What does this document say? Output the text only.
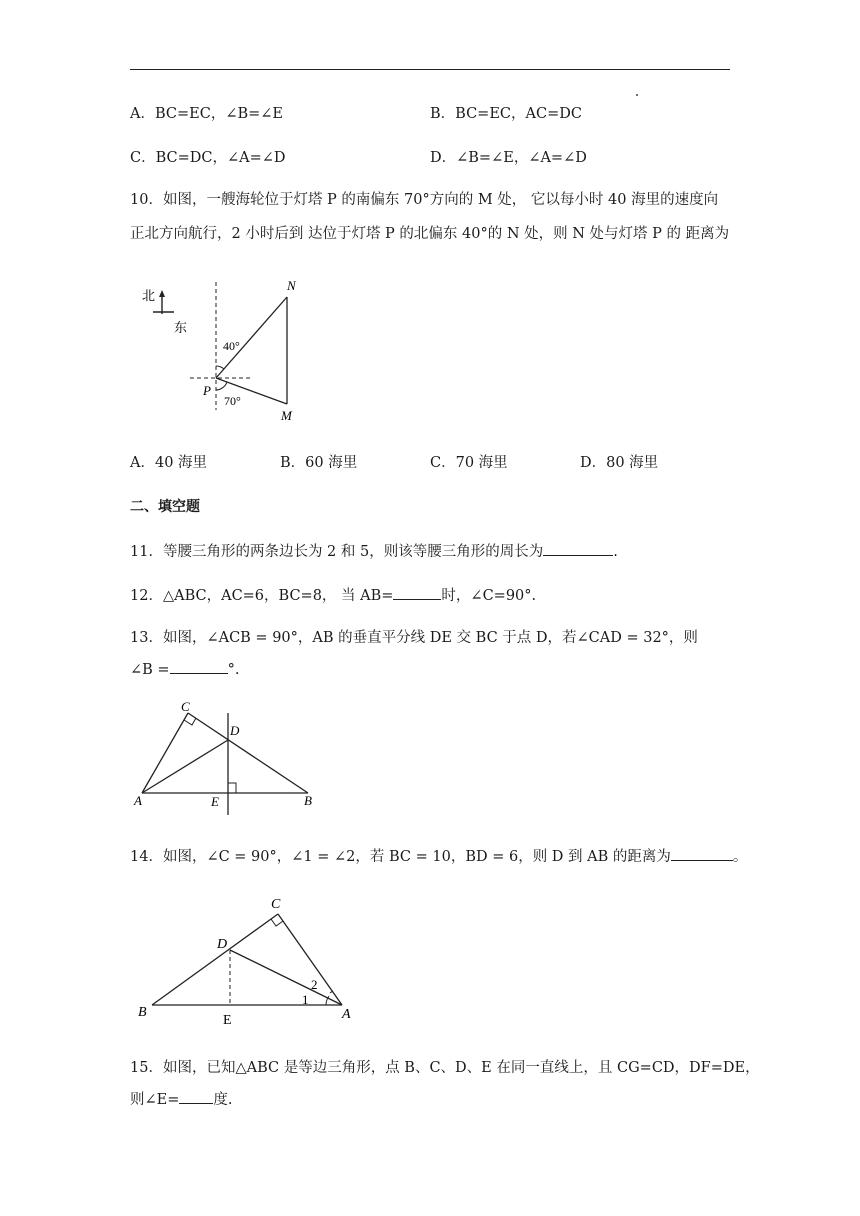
A．BC=EC，∠B=∠E	B．BC=EC，AC=DC
C．BC=DC，∠A=∠D	D．∠B=∠E，∠A=∠D
10．如图，一艘海轮位于灯塔 P 的南偏东 70°方向的 M 处， 它以每小时 40 海里的速度向
正北方向航行，2 小时后到 达位于灯塔 P 的北偏东 40°的 N 处，则 N 处与灯塔 P 的 距离为
北
东
N
M
P
40°
70°
A．40 海里	B．60 海里	C．70 海里	D．80 海里
二、填空题
11．等腰三角形的两条边长为 2 和 5，则该等腰三角形的周长为	.
12．△ABC，AC=6，BC=8， 当 AB=	时，∠C=90°.
13．如图，∠ACB = 90°，AB 的垂直平分线 DE 交 BC 于点 D，若∠CAD = 32°，则
∠B =	°.
C
D
A	E	B
14．如图，∠C = 90°，∠1 = ∠2，若 BC = 10，BD = 6，则 D 到 AB 的距离为	。
C
D
B
E	A
1
2
15．如图，已知△ABC 是等边三角形，点 B、C、D、E 在同一直线上，且 CG=CD，DF=DE，
则∠E= 度.
